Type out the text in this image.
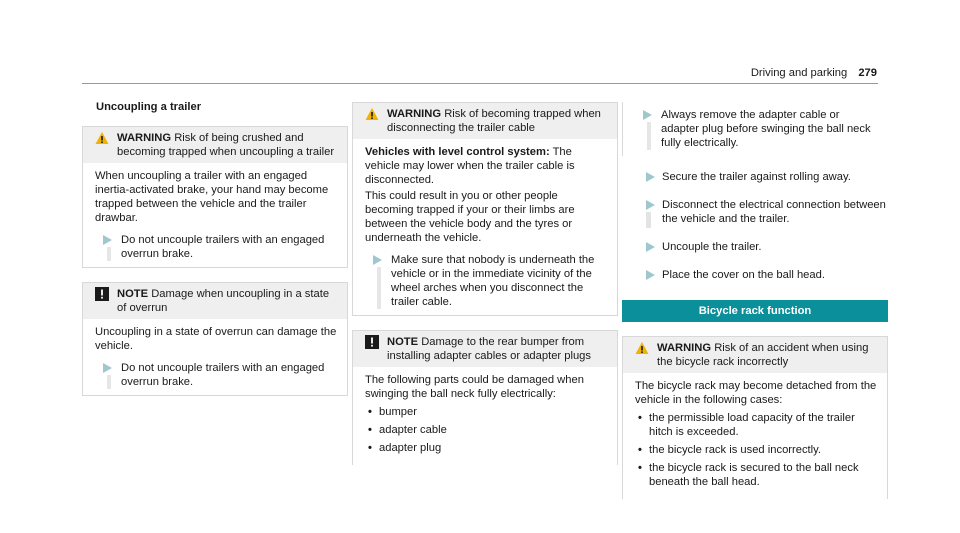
Driving and parking 279
Uncoupling a trailer
WARNING Risk of being crushed and becoming trapped when uncoupling a trailer

When uncoupling a trailer with an engaged inertia-activated brake, your hand may become trapped between the vehicle and the trailer drawbar.

Do not uncouple trailers with an engaged overrun brake.
NOTE Damage when uncoupling in a state of overrun

Uncoupling in a state of overrun can damage the vehicle.

Do not uncouple trailers with an engaged overrun brake.
WARNING Risk of becoming trapped when disconnecting the trailer cable

Vehicles with level control system: The vehicle may lower when the trailer cable is disconnected.

This could result in you or other people becoming trapped if your or their limbs are between the vehicle body and the tyres or underneath the vehicle.

Make sure that nobody is underneath the vehicle or in the immediate vicinity of the wheel arches when you disconnect the trailer cable.
NOTE Damage to the rear bumper from installing adapter cables or adapter plugs

The following parts could be damaged when swinging the ball neck fully electrically:

• bumper
• adapter cable
• adapter plug
Always remove the adapter cable or adapter plug before swinging the ball neck fully electrically.
Secure the trailer against rolling away.
Disconnect the electrical connection between the vehicle and the trailer.
Uncouple the trailer.
Place the cover on the ball head.
Bicycle rack function
WARNING Risk of an accident when using the bicycle rack incorrectly

The bicycle rack may become detached from the vehicle in the following cases:

• the permissible load capacity of the trailer hitch is exceeded.
• the bicycle rack is used incorrectly.
• the bicycle rack is secured to the ball neck beneath the ball head.
